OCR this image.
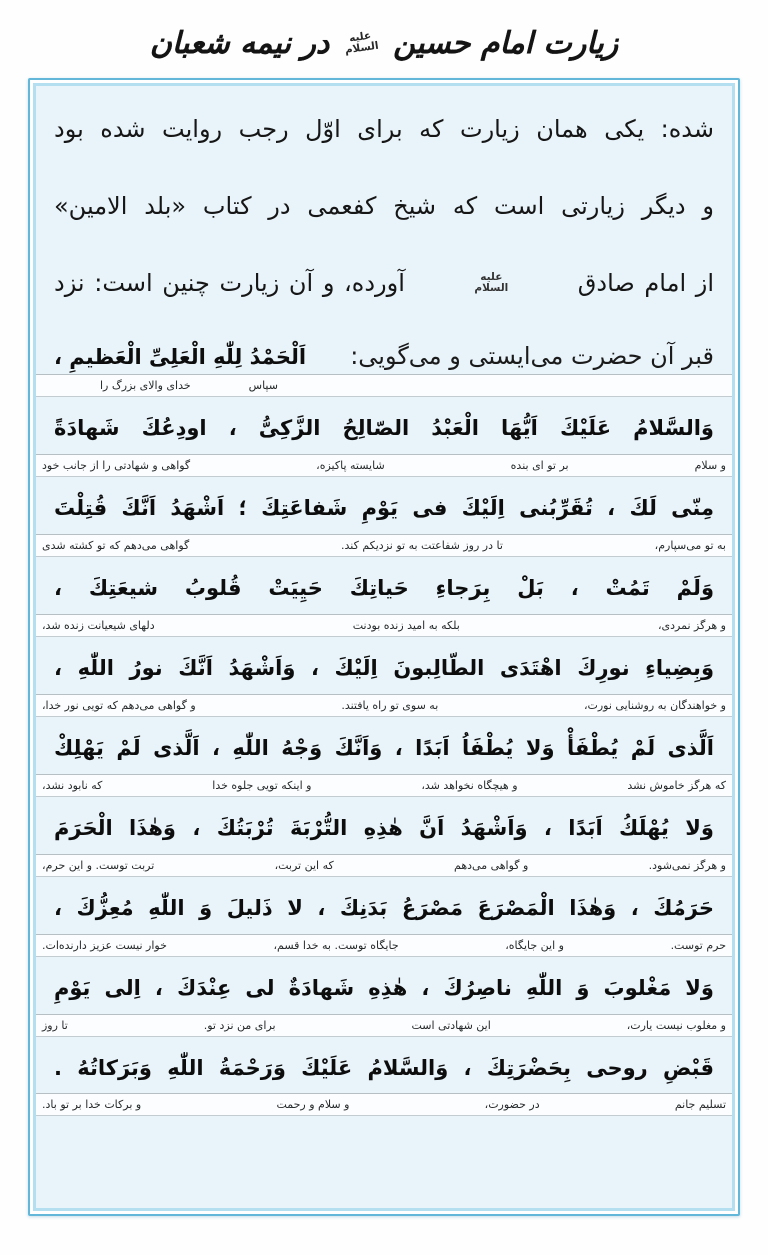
زیارت امام حسین
علیه السلام
در نیمه شعبان
شده: یکی همان زیارت که برای اوّل رجب روایت شده بود
و دیگر زیارتی است که شیخ کفعمی در کتاب «بلد الامین»
از امام صادق
علیه السلام
آورده، و آن زیارت چنین است: نزد
قبر آن حضرت می‌ایستی و می‌گویی:
اَلْحَمْدُ لِلّٰهِ الْعَلِیِّ الْعَظیمِ ،
سپاس
خدای والای بزرگ را
وَالسَّلامُ عَلَیْكَ اَیُّهَا الْعَبْدُ الصّالِحُ الزَّكِیُّ ، اودِعُكَ شَهادَةً
و سلام
بر تو ای بنده
شایسته پاکیزه،
گواهی و شهادتی را از جانب خود
مِنّی لَكَ ، تُقَرِّبُنی اِلَیْكَ فی یَوْمِ شَفاعَتِكَ ؛ اَشْهَدُ اَنَّكَ قُتِلْتَ
به تو می‌سپارم،
تا در روز شفاعتت به تو نزدیکم کند.
گواهی می‌دهم که تو کشته شدی
وَلَمْ تَمُتْ ، بَلْ بِرَجاءِ حَیاتِكَ حَیِیَتْ قُلوبُ شیعَتِكَ ،
و هرگز نمردی،
بلکه به امید زنده بودنت
دلهای شیعیانت زنده شد،
وَبِضِیاءِ نورِكَ اهْتَدَی الطّالِبونَ اِلَیْكَ ، وَاَشْهَدُ اَنَّكَ نورُ اللّٰهِ ،
و خواهندگان به روشنایی نورت،
به سوی تو راه یافتند.
و گواهی می‌دهم که تویی نور خدا،
اَلَّذی لَمْ یُطْفَأْ وَلا یُطْفَاُ اَبَدًا ، وَاَنَّكَ وَجْهُ اللّٰهِ ، اَلَّذی لَمْ یَهْلِكْ
که هرگز خاموش نشد
و هیچگاه نخواهد شد،
و اینکه تویی جلوه خدا
که نابود نشد،
وَلا یُهْلَكُ اَبَدًا ، وَاَشْهَدُ اَنَّ هٰذِهِ التُّرْبَةَ تُرْبَتُكَ ، وَهٰذَا الْحَرَمَ
و هرگز نمی‌شود.
و گواهی می‌دهم
که این تربت،
تربت توست. و این حرم،
حَرَمُكَ ، وَهٰذَا الْمَصْرَعَ مَصْرَعُ بَدَنِكَ ، لا ذَلیلَ وَ اللّٰهِ مُعِزُّكَ ،
حرم توست.
و این جایگاه،
جایگاه توست. به خدا قسم،
خوار نیست عزیز دارنده‌ات.
وَلا مَغْلوبَ وَ اللّٰهِ ناصِرُكَ ، هٰذِهِ شَهادَةٌ لی عِنْدَكَ ، اِلی یَوْمِ
و مغلوب نیست یارت،
این شهادتی است
برای من نزد تو.
تا روز
قَبْضِ روحی بِحَضْرَتِكَ ، وَالسَّلامُ عَلَیْكَ وَرَحْمَةُ اللّٰهِ وَبَرَكاتُهُ .
تسلیم جانم
در حضورت،
و سلام و رحمت
و برکات خدا بر تو باد.
